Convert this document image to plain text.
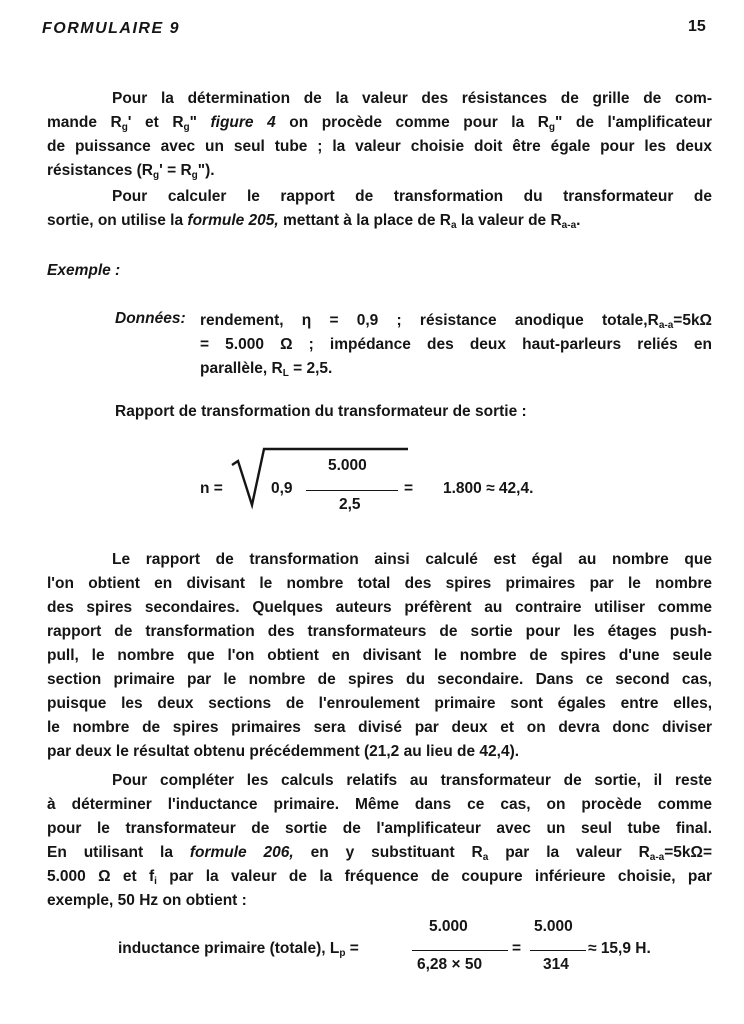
FORMULAIRE 9	15
Pour la détermination de la valeur des résistances de grille de com-
mande $R_g'$ et $R_g$" figure 4 on procède comme pour la $R_g$" de l'amplificateur
de puissance avec un seul tube ; la valeur choisie doit être égale pour les deux
résistances ($R_g'$ = $R_g$").
Pour calculer le rapport de transformation du transformateur de
sortie, on utilise la formule 205, mettant à la place de $R_a$ la valeur de $R_{a-a}$.
Exemple :
Données: rendement, η = 0,9 ; résistance anodique $totale,R_{a-a}=5k\Omega$
= 5.000 Ω ; impédance des deux haut-parleurs reliés en
parallèle, $R_L = 2,5$.
Rapport de transformation du transformateur de sortie :
n =	0,9
5.000
2,5
= 1.800 ≈ 42,4.
Le rapport de transformation ainsi calculé est égal au nombre que
l'on obtient en divisant le nombre total des spires primaires par le nombre
des spires secondaires. Quelques auteurs préfèrent au contraire utiliser comme
rapport de transformation des transformateurs de sortie pour les étages push-
pull, le nombre que l'on obtient en divisant le nombre de spires d'une seule
section primaire par le nombre de spires du secondaire. Dans ce second cas,
puisque les deux sections de l'enroulement primaire sont égales entre elles,
le nombre de spires primaires sera divisé par deux et on devra donc diviser
par deux le résultat obtenu précédemment (21,2 au lieu de 42,4).
Pour compléter les calculs relatifs au transformateur de sortie, il reste
à déterminer l'inductance primaire. Même dans ce cas, on procède comme
pour le transformateur de sortie de l'amplificateur avec un seul tube final.
En utilisant la formule 206, en y substituant $R_a$ par la valeur $R_{a-a}=5k\Omega=$
5.000 Ω et $f_i$ par la valeur de la fréquence de coupure inférieure choisie, par
exemple, 50 Hz on obtient :
inductance primaire (totale), $L_p$ =
5.000
6,28 × 50
=
5.000
314
≈ 15,9 H.
